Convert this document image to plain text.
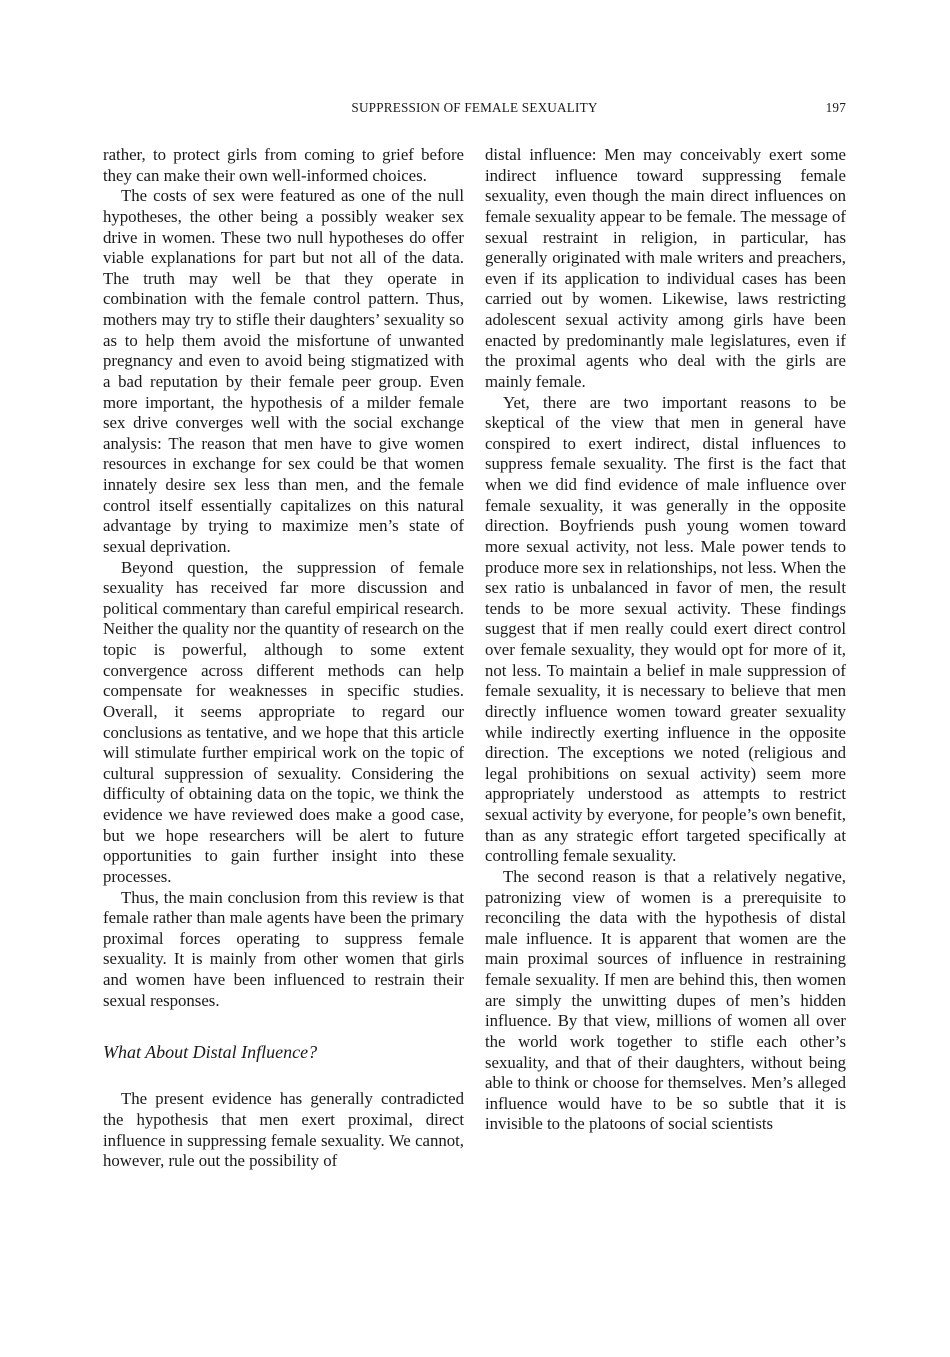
SUPPRESSION OF FEMALE SEXUALITY	197

rather, to protect girls from coming to grief before they can make their own well-informed choices.

The costs of sex were featured as one of the null hypotheses, the other being a possibly weaker sex drive in women. These two null hypotheses do offer viable explanations for part but not all of the data. The truth may well be that they operate in combination with the female control pattern. Thus, mothers may try to stifle their daughters’ sexuality so as to help them avoid the misfortune of unwanted pregnancy and even to avoid being stigmatized with a bad reputation by their female peer group. Even more important, the hypothesis of a milder female sex drive converges well with the social exchange analysis: The reason that men have to give women resources in exchange for sex could be that women innately desire sex less than men, and the female control itself essentially capitalizes on this natural advantage by trying to maximize men’s state of sexual deprivation.

Beyond question, the suppression of female sexuality has received far more discussion and political commentary than careful empirical research. Neither the quality nor the quantity of research on the topic is powerful, although to some extent convergence across different methods can help compensate for weaknesses in specific studies. Overall, it seems appropriate to regard our conclusions as tentative, and we hope that this article will stimulate further empirical work on the topic of cultural suppression of sexuality. Considering the difficulty of obtaining data on the topic, we think the evidence we have reviewed does make a good case, but we hope researchers will be alert to future opportunities to gain further insight into these processes.

Thus, the main conclusion from this review is that female rather than male agents have been the primary proximal forces operating to suppress female sexuality. It is mainly from other women that girls and women have been influenced to restrain their sexual responses.

What About Distal Influence?

The present evidence has generally contradicted the hypothesis that men exert proximal, direct influence in suppressing female sexuality. We cannot, however, rule out the possibility of

distal influence: Men may conceivably exert some indirect influence toward suppressing female sexuality, even though the main direct influences on female sexuality appear to be female. The message of sexual restraint in religion, in particular, has generally originated with male writers and preachers, even if its application to individual cases has been carried out by women. Likewise, laws restricting adolescent sexual activity among girls have been enacted by predominantly male legislatures, even if the proximal agents who deal with the girls are mainly female.

Yet, there are two important reasons to be skeptical of the view that men in general have conspired to exert indirect, distal influences to suppress female sexuality. The first is the fact that when we did find evidence of male influence over female sexuality, it was generally in the opposite direction. Boyfriends push young women toward more sexual activity, not less. Male power tends to produce more sex in relationships, not less. When the sex ratio is unbalanced in favor of men, the result tends to be more sexual activity. These findings suggest that if men really could exert direct control over female sexuality, they would opt for more of it, not less. To maintain a belief in male suppression of female sexuality, it is necessary to believe that men directly influence women toward greater sexuality while indirectly exerting influence in the opposite direction. The exceptions we noted (religious and legal prohibitions on sexual activity) seem more appropriately understood as attempts to restrict sexual activity by everyone, for people’s own benefit, than as any strategic effort targeted specifically at controlling female sexuality.

The second reason is that a relatively negative, patronizing view of women is a prerequisite to reconciling the data with the hypothesis of distal male influence. It is apparent that women are the main proximal sources of influence in restraining female sexuality. If men are behind this, then women are simply the unwitting dupes of men’s hidden influence. By that view, millions of women all over the world work together to stifle each other’s sexuality, and that of their daughters, without being able to think or choose for themselves. Men’s alleged influence would have to be so subtle that it is invisible to the platoons of social scientists
